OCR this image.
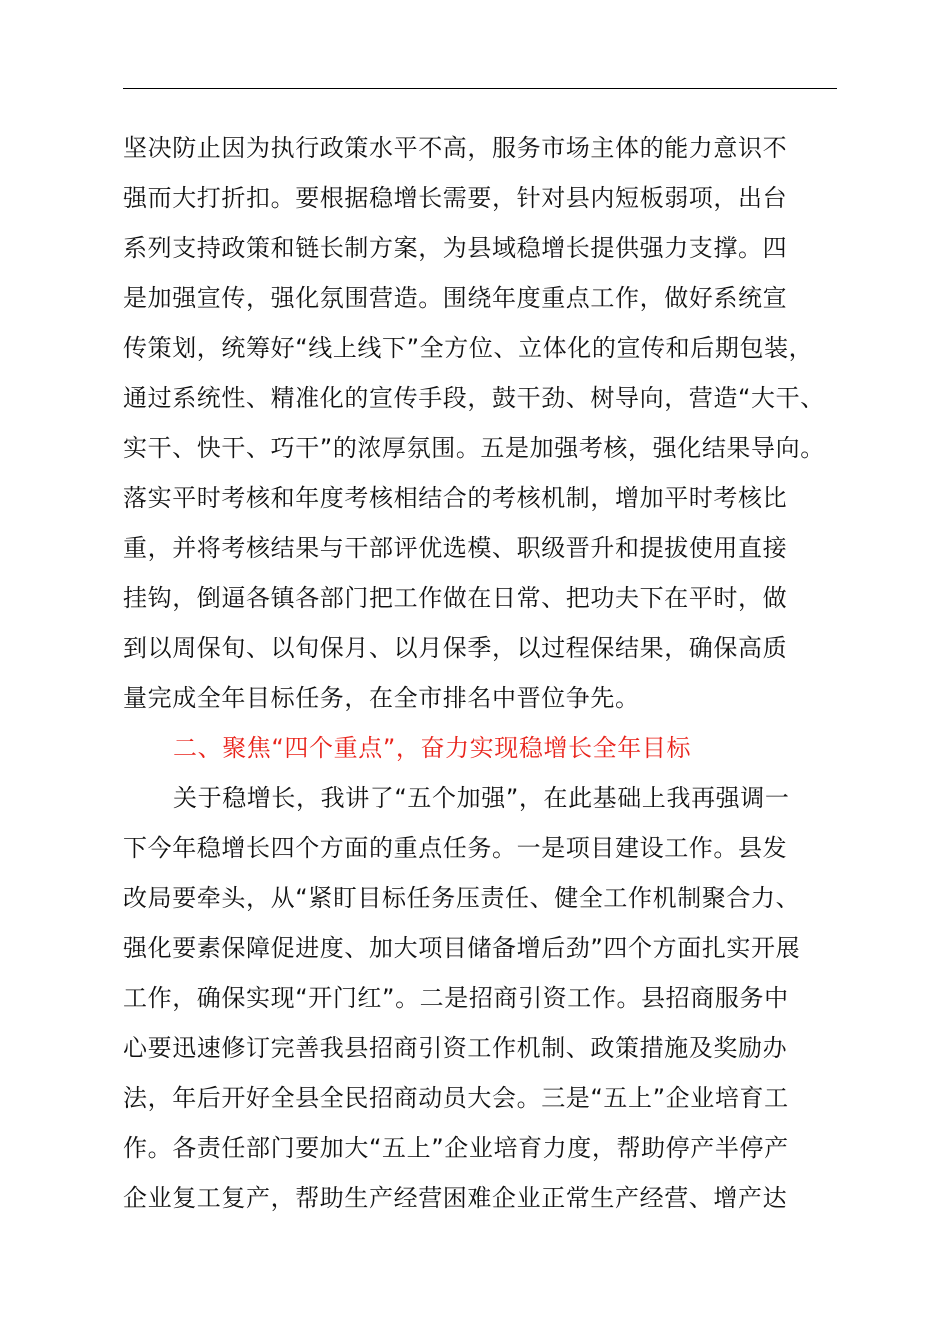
坚决防止因为执行政策水平不高，服务市场主体的能力意识不
强而大打折扣。要根据稳增长需要，针对县内短板弱项，出台
系列支持政策和链长制方案，为县域稳增长提供强力支撑。四
是加强宣传，强化氛围营造。围绕年度重点工作，做好系统宣
传策划，统筹好“线上线下”全方位、立体化的宣传和后期包装，
通过系统性、精准化的宣传手段，鼓干劲、树导向，营造“大干、
实干、快干、巧干”的浓厚氛围。五是加强考核，强化结果导向。
落实平时考核和年度考核相结合的考核机制，增加平时考核比
重，并将考核结果与干部评优选模、职级晋升和提拔使用直接
挂钩，倒逼各镇各部门把工作做在日常、把功夫下在平时，做
到以周保旬、以旬保月、以月保季，以过程保结果，确保高质
量完成全年目标任务，在全市排名中晋位争先。
二、聚焦“四个重点”，奋力实现稳增长全年目标
关于稳增长，我讲了“五个加强”，在此基础上我再强调一
下今年稳增长四个方面的重点任务。一是项目建设工作。县发
改局要牵头，从“紧盯目标任务压责任、健全工作机制聚合力、
强化要素保障促进度、加大项目储备增后劲”四个方面扎实开展
工作，确保实现“开门红”。二是招商引资工作。县招商服务中
心要迅速修订完善我县招商引资工作机制、政策措施及奖励办
法，年后开好全县全民招商动员大会。三是“五上”企业培育工
作。各责任部门要加大“五上”企业培育力度，帮助停产半停产
企业复工复产，帮助生产经营困难企业正常生产经营、增产达
